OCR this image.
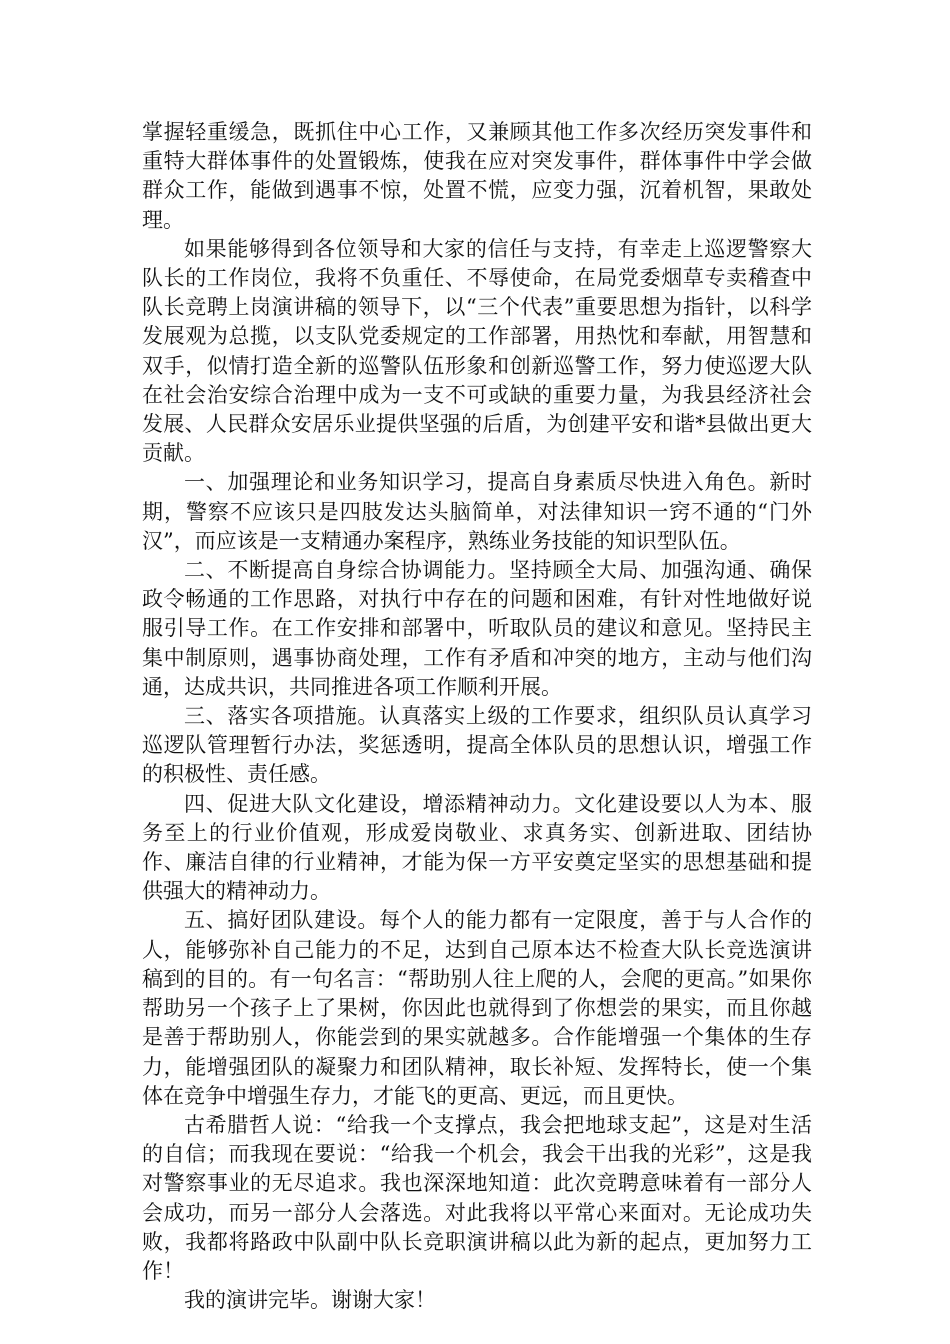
掌握轻重缓急，既抓住中心工作，又兼顾其他工作多次经历突发事件和重特大群体事件的处置锻炼，使我在应对突发事件，群体事件中学会做群众工作，能做到遇事不惊，处置不慌，应变力强，沉着机智，果敢处理。

如果能够得到各位领导和大家的信任与支持，有幸走上巡逻警察大队长的工作岗位，我将不负重任、不辱使命，在局党委烟草专卖稽查中队长竞聘上岗演讲稿的领导下，以“三个代表”重要思想为指针，以科学发展观为总揽，以支队党委规定的工作部署，用热忱和奉献，用智慧和双手，似情打造全新的巡警队伍形象和创新巡警工作，努力使巡逻大队在社会治安综合治理中成为一支不可或缺的重要力量，为我县经济社会发展、人民群众安居乐业提供坚强的后盾，为创建平安和谐*县做出更大贡献。

一、加强理论和业务知识学习，提高自身素质尽快进入角色。新时期，警察不应该只是四肢发达头脑简单，对法律知识一窍不通的“门外汉”，而应该是一支精通办案程序，熟练业务技能的知识型队伍。

二、不断提高自身综合协调能力。坚持顾全大局、加强沟通、确保政令畅通的工作思路，对执行中存在的问题和困难，有针对性地做好说服引导工作。在工作安排和部署中，听取队员的建议和意见。坚持民主集中制原则，遇事协商处理，工作有矛盾和冲突的地方，主动与他们沟通，达成共识，共同推进各项工作顺利开展。

三、落实各项措施。认真落实上级的工作要求，组织队员认真学习巡逻队管理暂行办法，奖惩透明，提高全体队员的思想认识，增强工作的积极性、责任感。

四、促进大队文化建设，增添精神动力。文化建设要以人为本、服务至上的行业价值观，形成爱岗敬业、求真务实、创新进取、团结协作、廉洁自律的行业精神，才能为保一方平安奠定坚实的思想基础和提供强大的精神动力。

五、搞好团队建设。每个人的能力都有一定限度，善于与人合作的人，能够弥补自己能力的不足，达到自己原本达不检查大队长竞选演讲稿到的目的。有一句名言：“帮助别人往上爬的人，会爬的更高。”如果你帮助另一个孩子上了果树，你因此也就得到了你想尝的果实，而且你越是善于帮助别人，你能尝到的果实就越多。合作能增强一个集体的生存力，能增强团队的凝聚力和团队精神，取长补短、发挥特长，使一个集体在竞争中增强生存力，才能飞的更高、更远，而且更快。

古希腊哲人说：“给我一个支撑点，我会把地球支起”，这是对生活的自信；而我现在要说：“给我一个机会，我会干出我的光彩”，这是我对警察事业的无尽追求。我也深深地知道：此次竞聘意味着有一部分人会成功，而另一部分人会落选。对此我将以平常心来面对。无论成功失败，我都将路政中队副中队长竞职演讲稿以此为新的起点，更加努力工作！

我的演讲完毕。谢谢大家！
